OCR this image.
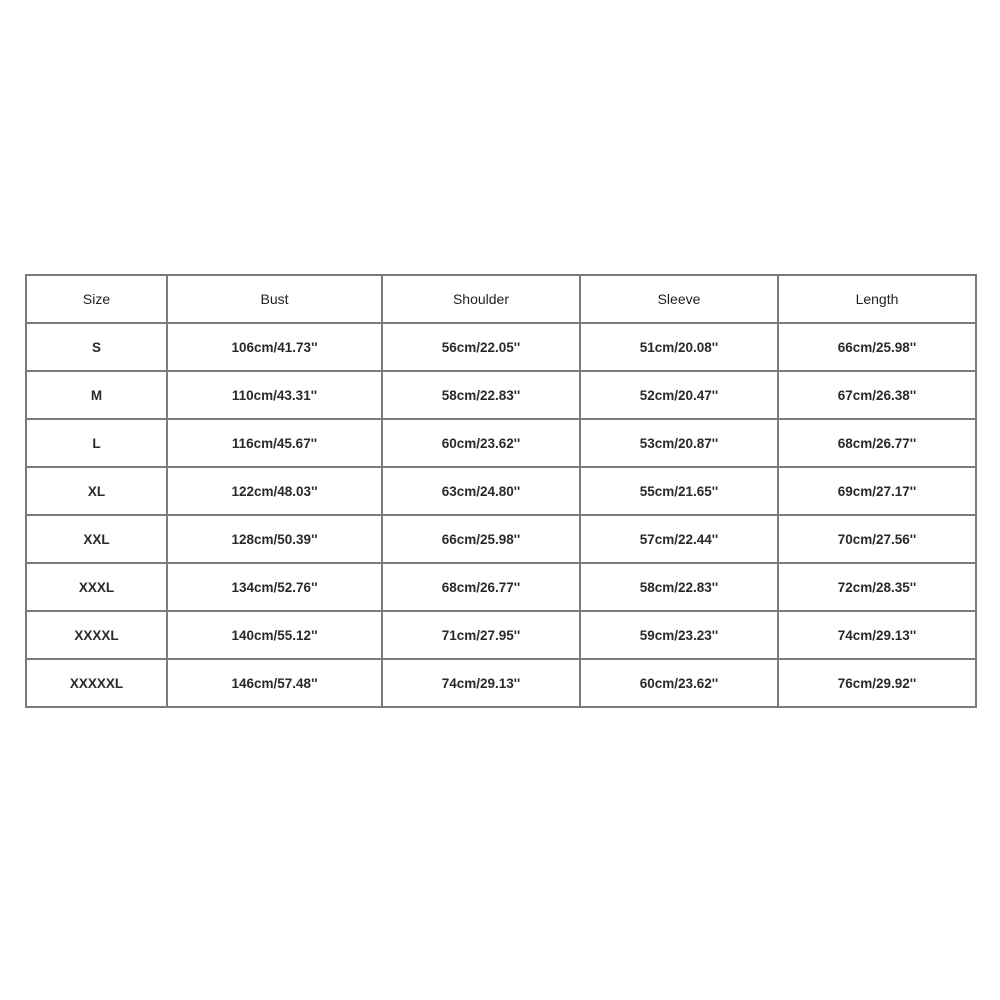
Size	Bust	Shoulder	Sleeve	Length
S	106cm/41.73''	56cm/22.05''	51cm/20.08''	66cm/25.98''
M	110cm/43.31''	58cm/22.83''	52cm/20.47''	67cm/26.38''
L	116cm/45.67''	60cm/23.62''	53cm/20.87''	68cm/26.77''
XL	122cm/48.03''	63cm/24.80''	55cm/21.65''	69cm/27.17''
XXL	128cm/50.39''	66cm/25.98''	57cm/22.44''	70cm/27.56''
XXXL	134cm/52.76''	68cm/26.77''	58cm/22.83''	72cm/28.35''
XXXXL	140cm/55.12''	71cm/27.95''	59cm/23.23''	74cm/29.13''
XXXXXL	146cm/57.48''	74cm/29.13''	60cm/23.62''	76cm/29.92''
